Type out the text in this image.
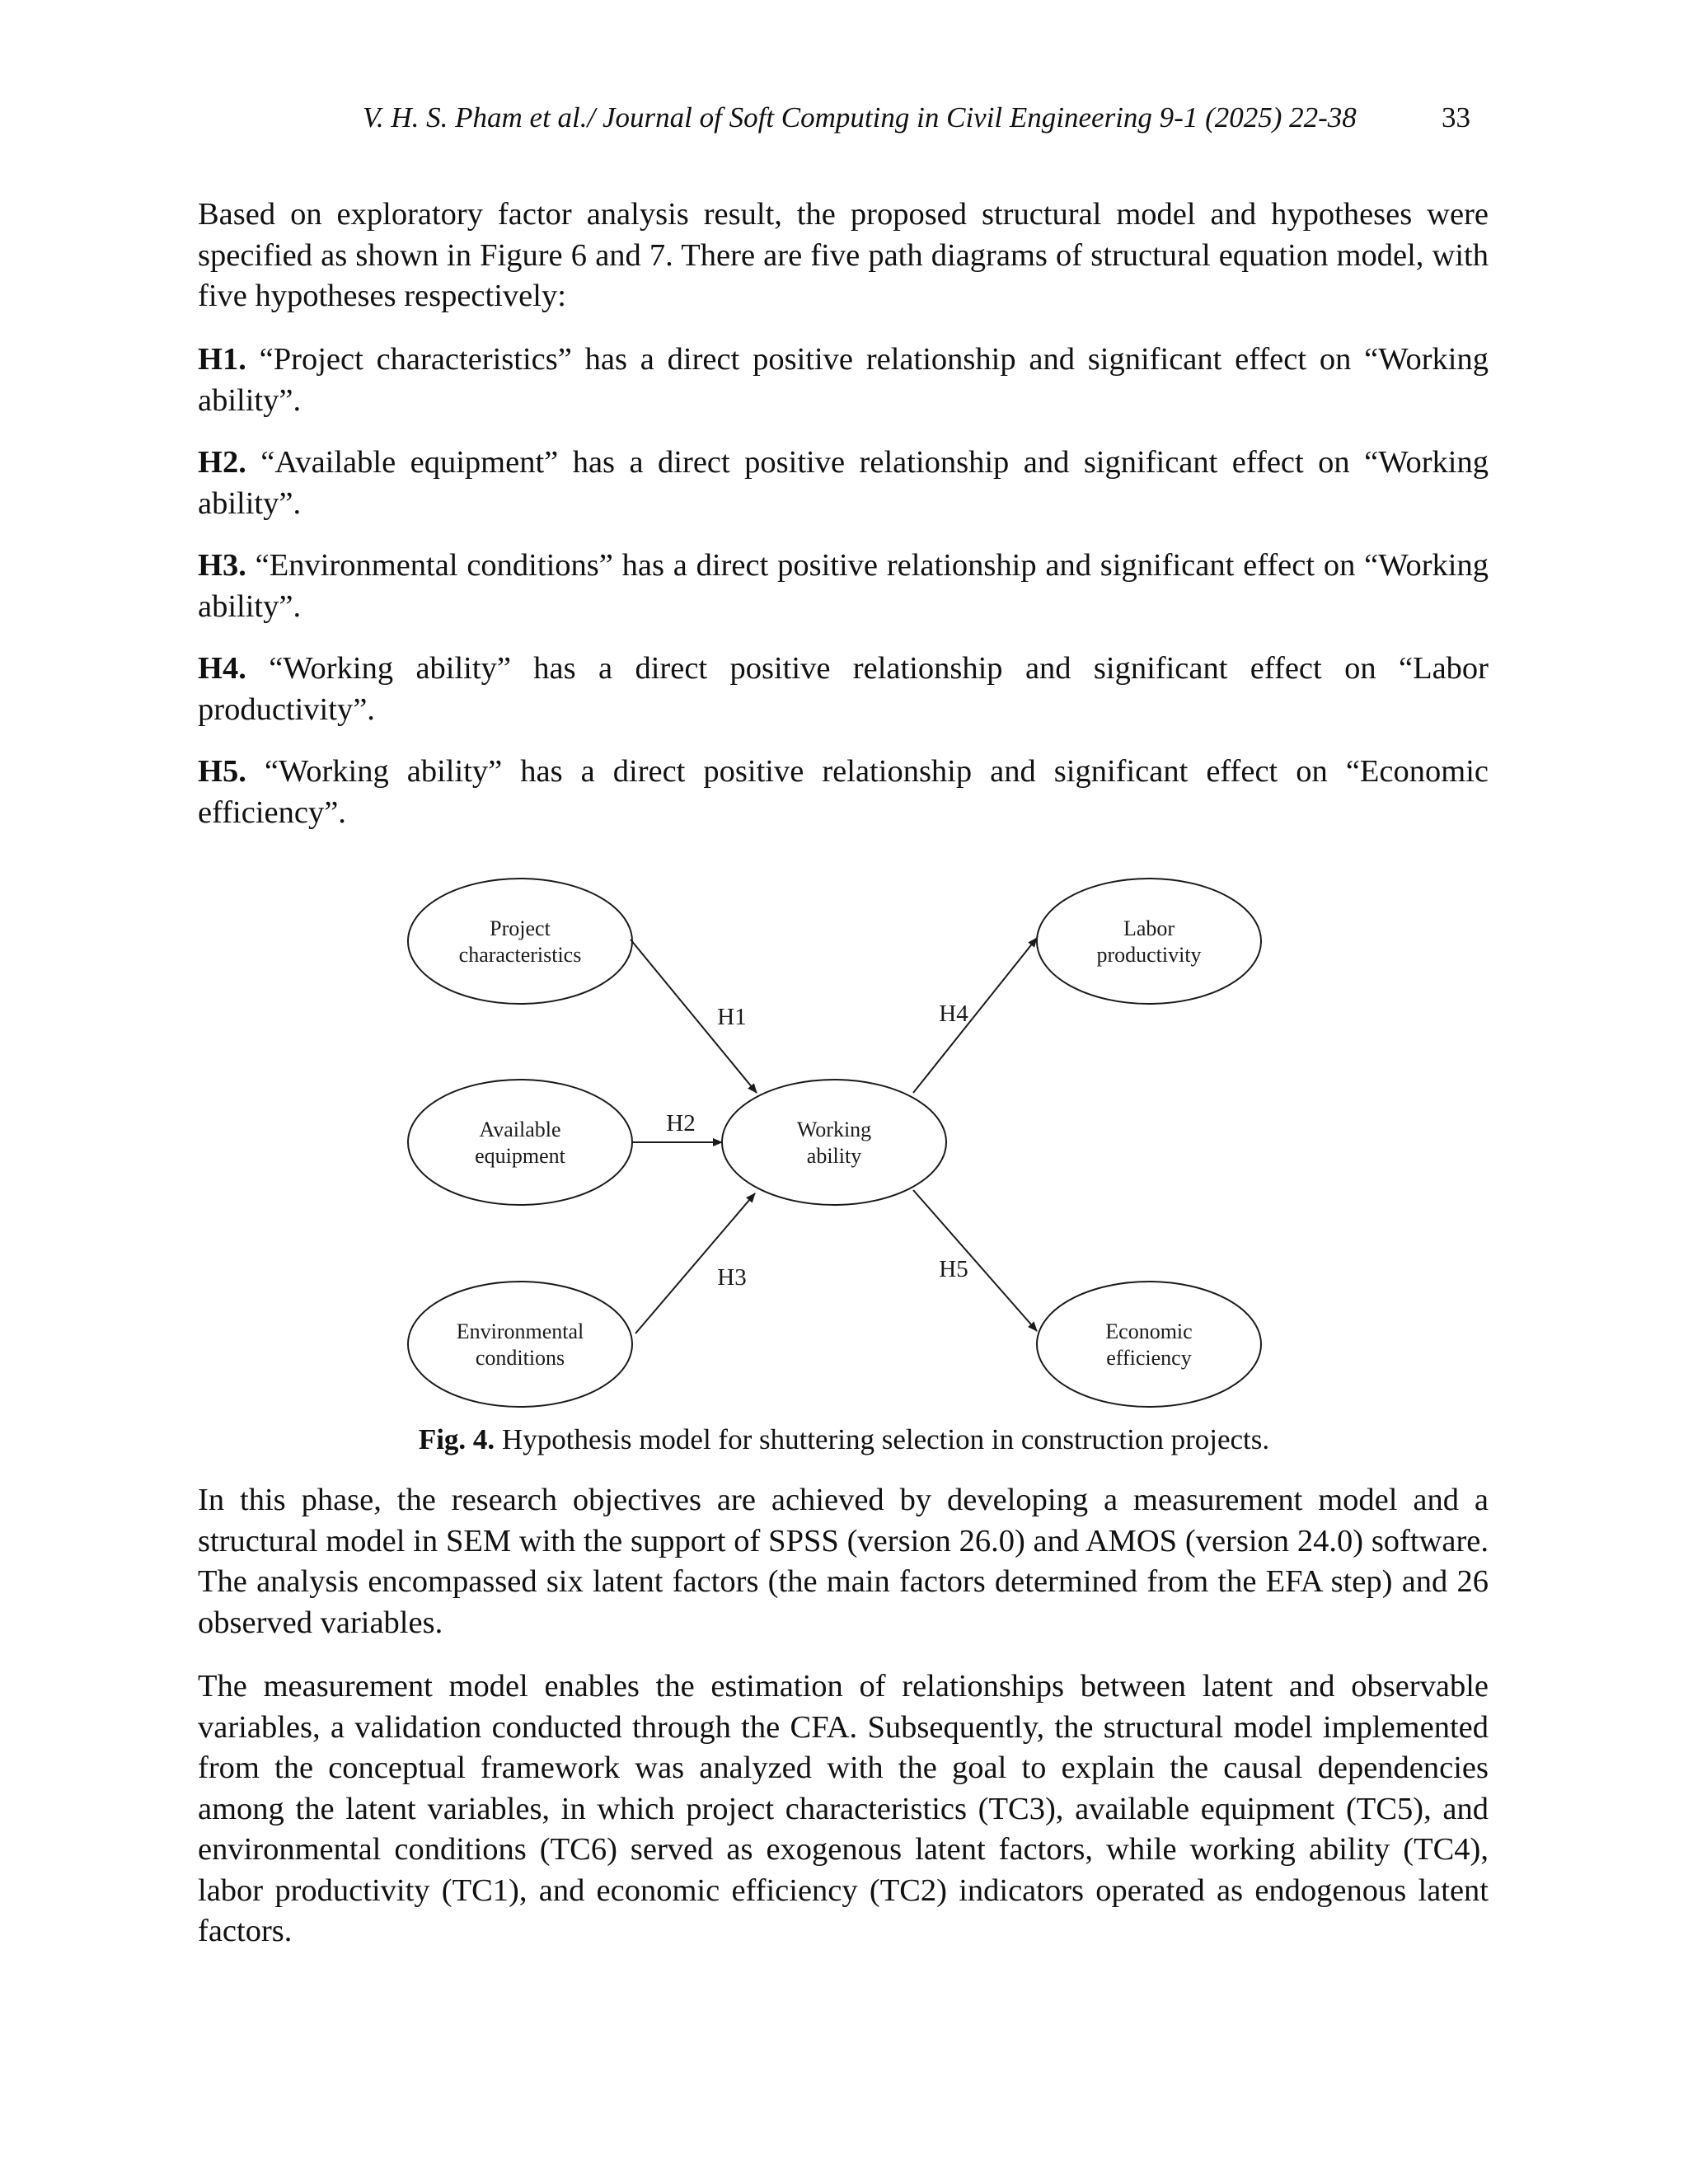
V. H. S. Pham et al./ Journal of Soft Computing in Civil Engineering 9-1 (2025) 22-38	33

Based on exploratory factor analysis result, the proposed structural model and hypotheses were specified as shown in Figure 6 and 7. There are five path diagrams of structural equation model, with five hypotheses respectively:

H1. “Project characteristics” has a direct positive relationship and significant effect on “Working ability”.

H2. “Available equipment” has a direct positive relationship and significant effect on “Working ability”.

H3. “Environmental conditions” has a direct positive relationship and significant effect on “Working ability”.

H4. “Working ability” has a direct positive relationship and significant effect on “Labor productivity”.

H5. “Working ability” has a direct positive relationship and significant effect on “Economic efficiency”.

Project
characteristics
Available
equipment
Environmental
conditions
Working
ability
Labor
productivity
Economic
efficiency
H1
H2
H3
H4
H5
Fig. 4. Hypothesis model for shuttering selection in construction projects.

In this phase, the research objectives are achieved by developing a measurement model and a structural model in SEM with the support of SPSS (version 26.0) and AMOS (version 24.0) software. The analysis encompassed six latent factors (the main factors determined from the EFA step) and 26 observed variables.

The measurement model enables the estimation of relationships between latent and observable variables, a validation conducted through the CFA. Subsequently, the structural model implemented from the conceptual framework was analyzed with the goal to explain the causal dependencies among the latent variables, in which project characteristics (TC3), available equipment (TC5), and environmental conditions (TC6) served as exogenous latent factors, while working ability (TC4), labor productivity (TC1), and economic efficiency (TC2) indicators operated as endogenous latent factors.
